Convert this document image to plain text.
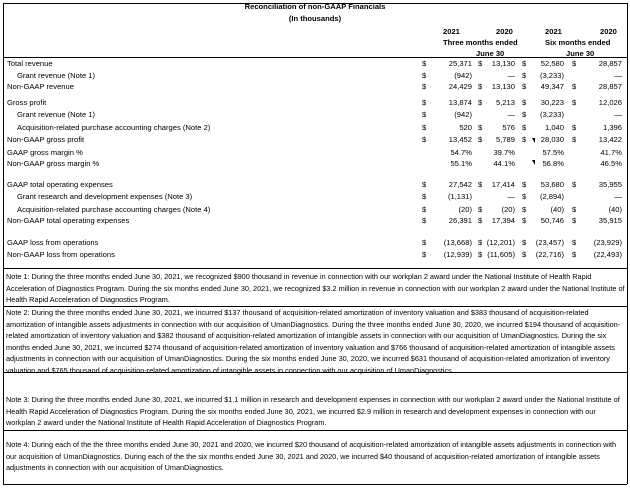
Reconciliation of non-GAAP Financials
(In thousands)
2021	2020	2021	2020
Three months ended	Six months ended
June 30	June 30
Total revenue	$	25,371 $	13,130 $	52,580 $	28,857
Grant revenue (Note 1)	$	(942)	— $	(3,233)	—
Non-GAAP revenue	$	24,429 $	13,130 $	49,347 $	28,857
Gross profit	$	13,874 $	5,213 $	30,223 $	12,026
Grant revenue (Note 1)	$	(942)	— $	(3,233)	—
Acquisition-related purchase accounting charges (Note 2)	$	520 $	576 $	1,040 $	1,396
Non-GAAP gross profit	$	13,452 $	5,789 $	28,030 $	13,422
GAAP gross margin %	54.7%	39.7%	57.5%	41.7%
Non-GAAP gross margin %	55.1%	44.1%	56.8%	46.5%
GAAP total operating expenses	$	27,542 $	17,414 $	53,680 $	35,955
Grant research and development expenses (Note 3)	$	(1,131)	— $	(2,894)	—
Acquisition-related purchase accounting charges (Note 4)	$	(20) $	(20) $	(40) $	(40)
Non-GAAP total operating expenses	$	26,391 $	17,394 $	50,746 $	35,915
GAAP loss from operations	$	(13,668) $ (12,201) $	(23,457) $	(23,929)
Non-GAAP loss from operations	$	(12,939) $ (11,605) $	(22,716) $	(22,493)
Note 1: During the three months ended June 30, 2021, we recognized $900 thousand in revenue in connection with our workplan 2 award under the National Institute of Health Rapid Acceleration of Diagnostics Program. During the six months ended June 30, 2021, we recognized $3.2 million in revenue in connection with our workplan 2 award under the National Institute of Health Rapid Acceleration of Diagnostics Program.
Note 2: During the three months ended June 30, 2021, we incurred $137 thousand of acquisition-related amortization of inventory valuation and $383 thousand of acquisition-related amortization of intangible assets adjustments in connection with our acquisition of UmanDiagnostics. During the three months ended June 30, 2020, we incurred $194 thousand of acquisition-related amortization of inventory valuation and $382 thousand of acquisition-related amortization of intangible assets in connection with our acquisition of UmanDiagnostics. During the six months ended June 30, 2021, we incurred $274 thousand of acquisition-related amortization of inventory valuation and $766 thousand of acquisition-related amortization of intangible assets adjustments in connection with our acquisition of UmanDiagnostics. During the six months ended June 30, 2020, we incurred $631 thousand of acquisition-related amortization of inventory valuation and $765 thousand of acquisition-related amortization of intangible assets in connection with our acquisition of UmanDiagnostics
Note 3: During the three months ended June 30, 2021, we incurred $1.1 million in research and development expenses in connection with our workplan 2 award under the National Institute of Health Rapid Acceleration of Diagnostics Program. During the six months ended June 30, 2021, we incurred $2.9 million in research and development expenses in connection with our workplan 2 award under the National Institute of Health Rapid Acceleration of Diagnostics Program.
Note 4: During each of the the three months ended June 30, 2021 and 2020, we incurred $20 thousand of acquisition-related amortization of intangible assets adjustments in connection with our acquisition of UmanDiagnostics. During each of the the six months ended June 30, 2021 and 2020, we incurred $40 thousand of acquisition-related amortization of intangible assets adjustments in connection with our acquisition of UmanDiagnostics.
